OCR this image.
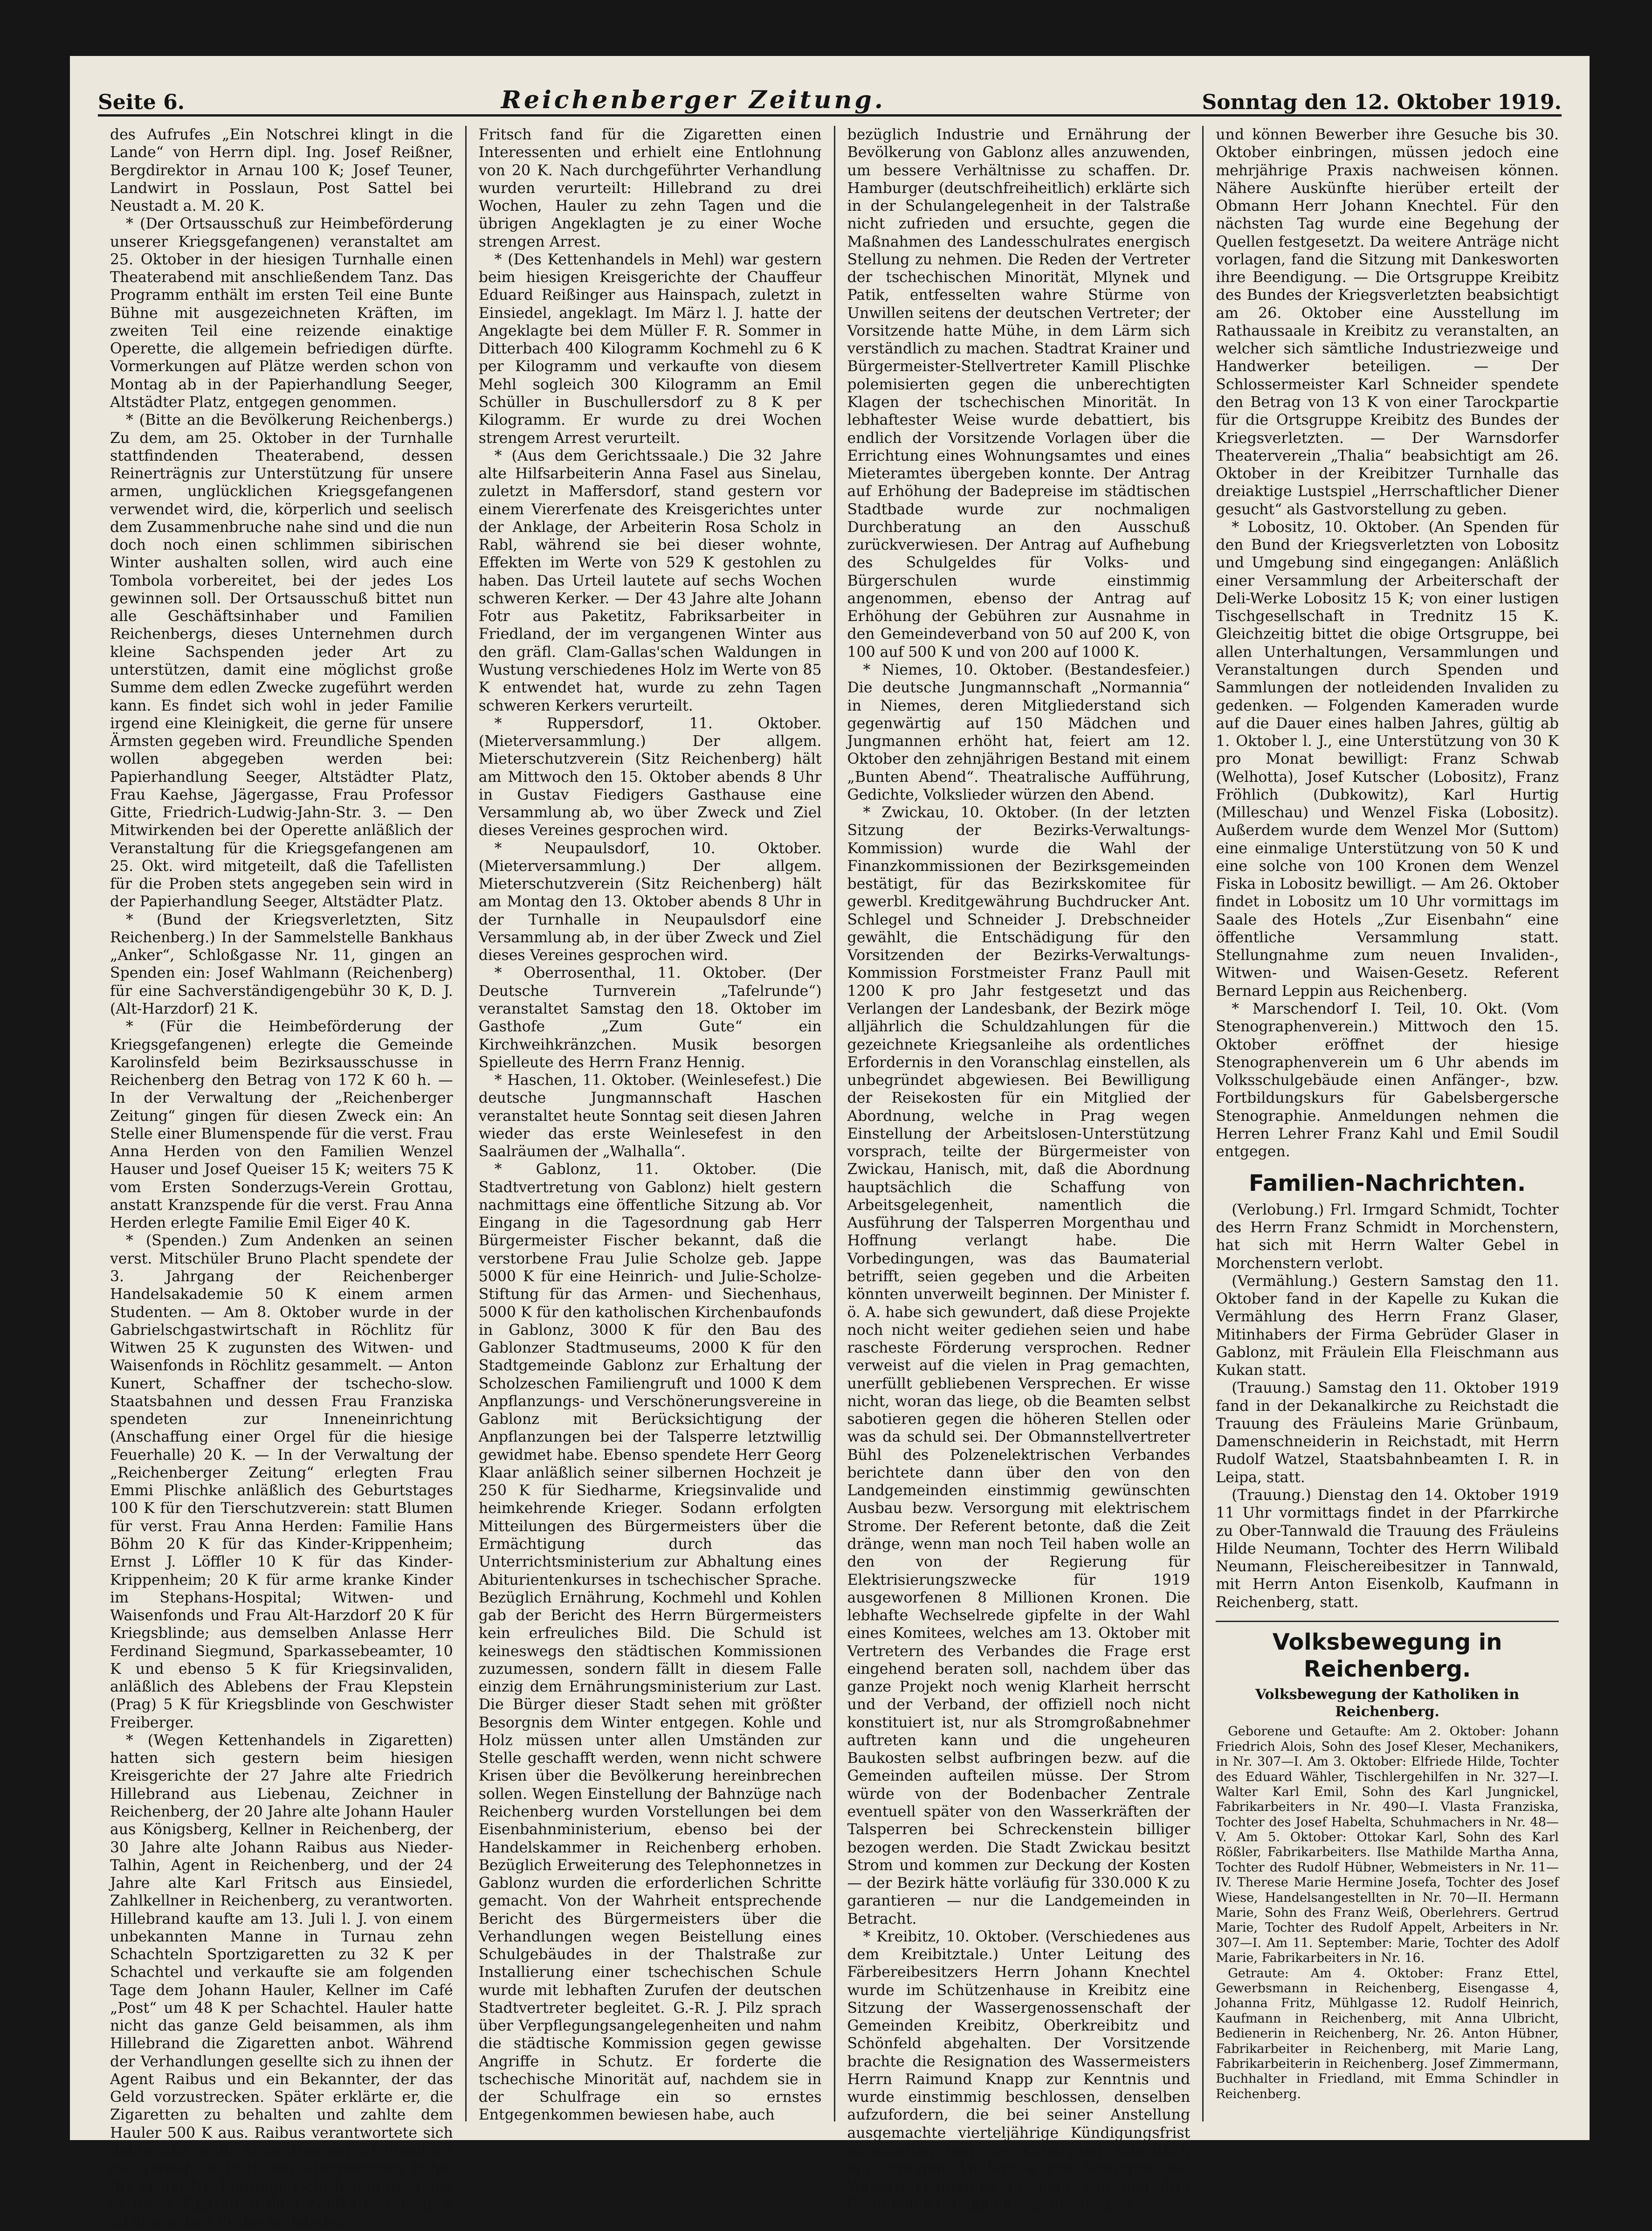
Seite 6.	Reichenberger Zeitung.	Sonntag den 12. Oktober 1919.

des Aufrufes „Ein Notschrei klingt in die Lande“ von Herrn dipl. Ing. Josef Reißner, Bergdirektor in Arnau 100 K; Josef Teuner, Landwirt in Posslaun, Post Sattel bei Neustadt a. M. 20 K.

* (Der Ortsausschuß zur Heimbeförderung unserer Kriegsgefangenen) veranstaltet am 25. Oktober in der hiesigen Turnhalle einen Theaterabend mit anschließendem Tanz. Das Programm enthält im ersten Teil eine Bunte Bühne mit ausgezeichneten Kräften, im zweiten Teil eine reizende einaktige Operette, die allgemein befriedigen dürfte. Vormerkungen auf Plätze werden schon von Montag ab in der Papierhandlung Seeger, Altstädter Platz, entgegen genommen.

* (Bitte an die Bevölkerung Reichenbergs.) Zu dem, am 25. Oktober in der Turnhalle stattfindenden Theaterabend, dessen Reinerträgnis zur Unterstützung für unsere armen, unglücklichen Kriegsgefangenen verwendet wird, die, körperlich und seelisch dem Zusammenbruche nahe sind und die nun doch noch einen schlimmen sibirischen Winter aushalten sollen, wird auch eine Tombola vorbereitet, bei der jedes Los gewinnen soll. Der Ortsausschuß bittet nun alle Geschäftsinhaber und Familien Reichenbergs, dieses Unternehmen durch kleine Sachspenden jeder Art zu unterstützen, damit eine möglichst große Summe dem edlen Zwecke zugeführt werden kann. Es findet sich wohl in jeder Familie irgend eine Kleinigkeit, die gerne für unsere Ärmsten gegeben wird. Freundliche Spenden wollen abgegeben werden bei: Papierhandlung Seeger, Altstädter Platz, Frau Kaehse, Jägergasse, Frau Professor Gitte, Friedrich-Ludwig-Jahn-Str. 3. — Den Mitwirkenden bei der Operette anläßlich der Veranstaltung für die Kriegsgefangenen am 25. Okt. wird mitgeteilt, daß die Tafellisten für die Proben stets angegeben sein wird in der Papierhandlung Seeger, Altstädter Platz.

* (Bund der Kriegsverletzten, Sitz Reichenberg.) In der Sammelstelle Bankhaus „Anker“, Schloßgasse Nr. 11, gingen an Spenden ein: Josef Wahlmann (Reichenberg) für eine Sachverständigengebühr 30 K, D. J. (Alt-Harzdorf) 21 K.

* (Für die Heimbeförderung der Kriegsgefangenen) erlegte die Gemeinde Karolinsfeld beim Bezirksausschusse in Reichenberg den Betrag von 172 K 60 h. — In der Verwaltung der „Reichenberger Zeitung“ gingen für diesen Zweck ein: An Stelle einer Blumenspende für die verst. Frau Anna Herden von den Familien Wenzel Hauser und Josef Queiser 15 K; weiters 75 K vom Ersten Sonderzugs-Verein Grottau, anstatt Kranzspende für die verst. Frau Anna Herden erlegte Familie Emil Eiger 40 K.

* (Spenden.) Zum Andenken an seinen verst. Mitschüler Bruno Placht spendete der 3. Jahrgang der Reichenberger Handelsakademie 50 K einem armen Studenten. — Am 8. Oktober wurde in der Gabrielschgastwirtschaft in Röchlitz für Witwen 25 K zugunsten des Witwen- und Waisenfonds in Röchlitz gesammelt. — Anton Kunert, Schaffner der tschecho-slow. Staatsbahnen und dessen Frau Franziska spendeten zur Inneneinrichtung (Anschaffung einer Orgel für die hiesige Feuerhalle) 20 K. — In der Verwaltung der „Reichenberger Zeitung“ erlegten Frau Emmi Plischke anläßlich des Geburtstages 100 K für den Tierschutzverein: statt Blumen für verst. Frau Anna Herden: Familie Hans Böhm 20 K für das Kinder-Krippenheim; Ernst J. Löffler 10 K für das Kinder-Krippenheim; 20 K für arme kranke Kinder im Stephans-Hospital; Witwen- und Waisenfonds und Frau Alt-Harzdorf 20 K für Kriegsblinde; aus demselben Anlasse Herr Ferdinand Siegmund, Sparkassebeamter, 10 K und ebenso 5 K für Kriegsinvaliden, anläßlich des Ablebens der Frau Klepstein (Prag) 5 K für Kriegsblinde von Geschwister Freiberger.

* (Wegen Kettenhandels in Zigaretten) hatten sich gestern beim hiesigen Kreisgerichte der 27 Jahre alte Friedrich Hillebrand aus Liebenau, Zeichner in Reichenberg, der 20 Jahre alte Johann Hauler aus Königsberg, Kellner in Reichenberg, der 30 Jahre alte Johann Raibus aus Nieder-Talhin, Agent in Reichenberg, und der 24 Jahre alte Karl Fritsch aus Einsiedel, Zahlkellner in Reichenberg, zu verantworten. Hillebrand kaufte am 13. Juli l. J. von einem unbekannten Manne in Turnau zehn Schachteln Sportzigaretten zu 32 K per Schachtel und verkaufte sie am folgenden Tage dem Johann Hauler, Kellner im Café „Post“ um 48 K per Schachtel. Hauler hatte nicht das ganze Geld beisammen, als ihm Hillebrand die Zigaretten anbot. Während der Verhandlungen gesellte sich zu ihnen der Agent Raibus und ein Bekannter, der das Geld vorzustrecken. Später erklärte er, die Zigaretten zu behalten und zahlte dem Hauler 500 K aus. Raibus verantwortete sich dahin, daß er die Zigaretten nur als Pfand für das gewährte Darlehen übernommen habe. Als er am Nachmittage Geld benötigte, habe er diese Zigaretten dem Zahlkellner Fritsch zu demselben Preise angeboten.

Fritsch fand für die Zigaretten einen Interessenten und erhielt eine Entlohnung von 20 K. Nach durchgeführter Verhandlung wurden verurteilt: Hillebrand zu drei Wochen, Hauler zu zehn Tagen und die übrigen Angeklagten je zu einer Woche strengen Arrest.

* (Des Kettenhandels in Mehl) war gestern beim hiesigen Kreisgerichte der Chauffeur Eduard Reißinger aus Hainspach, zuletzt in Einsiedel, angeklagt. Im März l. J. hatte der Angeklagte bei dem Müller F. R. Sommer in Ditterbach 400 Kilogramm Kochmehl zu 6 K per Kilogramm und verkaufte von diesem Mehl sogleich 300 Kilogramm an Emil Schüller in Buschullersdorf zu 8 K per Kilogramm. Er wurde zu drei Wochen strengem Arrest verurteilt.

* (Aus dem Gerichtssaale.) Die 32 Jahre alte Hilfsarbeiterin Anna Fasel aus Sinelau, zuletzt in Maffersdorf, stand gestern vor einem Viererfenate des Kreisgerichtes unter der Anklage, der Arbeiterin Rosa Scholz in Rabl, während sie bei dieser wohnte, Effekten im Werte von 529 K gestohlen zu haben. Das Urteil lautete auf sechs Wochen schweren Kerker. — Der 43 Jahre alte Johann Fotr aus Paketitz, Fabriksarbeiter in Friedland, der im vergangenen Winter aus den gräfl. Clam-Gallas'schen Waldungen in Wustung verschiedenes Holz im Werte von 85 K entwendet hat, wurde zu zehn Tagen schweren Kerkers verurteilt.

* Ruppersdorf, 11. Oktober. (Mieterversammlung.) Der allgem. Mieterschutzverein (Sitz Reichenberg) hält am Mittwoch den 15. Oktober abends 8 Uhr in Gustav Fiedigers Gasthause eine Versammlung ab, wo über Zweck und Ziel dieses Vereines gesprochen wird.

* Neupaulsdorf, 10. Oktober. (Mieterversammlung.) Der allgem. Mieterschutzverein (Sitz Reichenberg) hält am Montag den 13. Oktober abends 8 Uhr in der Turnhalle in Neupaulsdorf eine Versammlung ab, in der über Zweck und Ziel dieses Vereines gesprochen wird.

* Oberrosenthal, 11. Oktober. (Der Deutsche Turnverein „Tafelrunde“) veranstaltet Samstag den 18. Oktober im Gasthofe „Zum Gute“ ein Kirchweihkränzchen. Musik besorgen Spielleute des Herrn Franz Hennig.

* Haschen, 11. Oktober. (Weinlesefest.) Die deutsche Jungmannschaft Haschen veranstaltet heute Sonntag seit diesen Jahren wieder das erste Weinlesefest in den Saalräumen der „Walhalla“.

* Gablonz, 11. Oktober. (Die Stadtvertretung von Gablonz) hielt gestern nachmittags eine öffentliche Sitzung ab. Vor Eingang in die Tagesordnung gab Herr Bürgermeister Fischer bekannt, daß die verstorbene Frau Julie Scholze geb. Jappe 5000 K für eine Heinrich- und Julie-Scholze-Stiftung für das Armen- und Siechenhaus, 5000 K für den katholischen Kirchenbaufonds in Gablonz, 3000 K für den Bau des Gablonzer Stadtmuseums, 2000 K für den Stadtgemeinde Gablonz zur Erhaltung der Scholzeschen Familiengruft und 1000 K dem Anpflanzungs- und Verschönerungsvereine in Gablonz mit Berücksichtigung der Anpflanzungen bei der Talsperre letztwillig gewidmet habe. Ebenso spendete Herr Georg Klaar anläßlich seiner silbernen Hochzeit je 250 K für Siedharme, Kriegsinvalide und heimkehrende Krieger. Sodann erfolgten Mitteilungen des Bürgermeisters über die Ermächtigung durch das Unterrichtsministerium zur Abhaltung eines Abiturientenkurses in tschechischer Sprache. Bezüglich Ernährung, Kochmehl und Kohlen gab der Bericht des Herrn Bürgermeisters kein erfreuliches Bild. Die Schuld ist keineswegs den städtischen Kommissionen zuzumessen, sondern fällt in diesem Falle einzig dem Ernährungsministerium zur Last. Die Bürger dieser Stadt sehen mit größter Besorgnis dem Winter entgegen. Kohle und Holz müssen unter allen Umständen zur Stelle geschafft werden, wenn nicht schwere Krisen über die Bevölkerung hereinbrechen sollen. Wegen Einstellung der Bahnzüge nach Reichenberg wurden Vorstellungen bei dem Eisenbahnministerium, ebenso bei der Handelskammer in Reichenberg erhoben. Bezüglich Erweiterung des Telephonnetzes in Gablonz wurden die erforderlichen Schritte gemacht. Von der Wahrheit entsprechende Bericht des Bürgermeisters über die Verhandlungen wegen Beistellung eines Schulgebäudes in der Thalstraße zur Installierung einer tschechischen Schule wurde mit lebhaften Zurufen der deutschen Stadtvertreter begleitet. G.-R. J. Pilz sprach über Verpflegungsangelegenheiten und nahm die städtische Kommission gegen gewisse Angriffe in Schutz. Er forderte die tschechische Minorität auf, nachdem sie in der Schulfrage ein so ernstes Entgegenkommen bewiesen habe, auch

bezüglich Industrie und Ernährung der Bevölkerung von Gablonz alles anzuwenden, um bessere Verhältnisse zu schaffen. Dr. Hamburger (deutschfreiheitlich) erklärte sich in der Schulangelegenheit in der Talstraße nicht zufrieden und ersuchte, gegen die Maßnahmen des Landesschulrates energisch Stellung zu nehmen. Die Reden der Vertreter der tschechischen Minorität, Mlynek und Patik, entfesselten wahre Stürme von Unwillen seitens der deutschen Vertreter; der Vorsitzende hatte Mühe, in dem Lärm sich verständlich zu machen. Stadtrat Krainer und Bürgermeister-Stellvertreter Kamill Plischke polemisierten gegen die unberechtigten Klagen der tschechischen Minorität. In lebhaftester Weise wurde debattiert, bis endlich der Vorsitzende Vorlagen über die Errichtung eines Wohnungsamtes und eines Mieteramtes übergeben konnte. Der Antrag auf Erhöhung der Badepreise im städtischen Stadtbade wurde zur nochmaligen Durchberatung an den Ausschuß zurückverwiesen. Der Antrag auf Aufhebung des Schulgeldes für Volks- und Bürgerschulen wurde einstimmig angenommen, ebenso der Antrag auf Erhöhung der Gebühren zur Ausnahme in den Gemeindeverband von 50 auf 200 K, von 100 auf 500 K und von 200 auf 1000 K.

* Niemes, 10. Oktober. (Bestandesfeier.) Die deutsche Jungmannschaft „Normannia“ in Niemes, deren Mitgliederstand sich gegenwärtig auf 150 Mädchen und Jungmannen erhöht hat, feiert am 12. Oktober den zehnjährigen Bestand mit einem „Bunten Abend“. Theatralische Aufführung, Gedichte, Volkslieder würzen den Abend.

* Zwickau, 10. Oktober. (In der letzten Sitzung der Bezirks-Verwaltungs-Kommission) wurde die Wahl der Finanzkommissionen der Bezirksgemeinden bestätigt, für das Bezirkskomitee für gewerbl. Kreditgewährung Buchdrucker Ant. Schlegel und Schneider J. Drebschneider gewählt, die Entschädigung für den Vorsitzenden der Bezirks-Verwaltungs-Kommission Forstmeister Franz Paull mit 1200 K pro Jahr festgesetzt und das Verlangen der Landesbank, der Bezirk möge alljährlich die Schuldzahlungen für die gezeichnete Kriegsanleihe als ordentliches Erfordernis in den Voranschlag einstellen, als unbegründet abgewiesen. Bei Bewilligung der Reisekosten für ein Mitglied der Abordnung, welche in Prag wegen Einstellung der Arbeitslosen-Unterstützung vorsprach, teilte der Bürgermeister von Zwickau, Hanisch, mit, daß die Abordnung hauptsächlich die Schaffung von Arbeitsgelegenheit, namentlich die Ausführung der Talsperren Morgenthau und Hoffnung verlangt habe. Die Vorbedingungen, was das Baumaterial betrifft, seien gegeben und die Arbeiten könnten unverweilt beginnen. Der Minister f. ö. A. habe sich gewundert, daß diese Projekte noch nicht weiter gediehen seien und habe rascheste Förderung versprochen. Redner verweist auf die vielen in Prag gemachten, unerfüllt gebliebenen Versprechen. Er wisse nicht, woran das liege, ob die Beamten selbst sabotieren gegen die höheren Stellen oder was da schuld sei. Der Obmannstellvertreter Bühl des Polzenelektrischen Verbandes berichtete dann über den von den Landgemeinden einstimmig gewünschten Ausbau bezw. Versorgung mit elektrischem Strome. Der Referent betonte, daß die Zeit dränge, wenn man noch Teil haben wolle an den von der Regierung für Elektrisierungszwecke für 1919 ausgeworfenen 8 Millionen Kronen. Die lebhafte Wechselrede gipfelte in der Wahl eines Komitees, welches am 13. Oktober mit Vertretern des Verbandes die Frage erst eingehend beraten soll, nachdem über das ganze Projekt noch wenig Klarheit herrscht und der Verband, der offiziell noch nicht konstituiert ist, nur als Stromgroßabnehmer auftreten kann und die ungeheuren Baukosten selbst aufbringen bezw. auf die Gemeinden aufteilen müsse. Der Strom würde von der Bodenbacher Zentrale eventuell später von den Wasserkräften der Talsperren bei Schreckenstein billiger bezogen werden. Die Stadt Zwickau besitzt Strom und kommen zur Deckung der Kosten — der Bezirk hätte vorläufig für 330.000 K zu garantieren — nur die Landgemeinden in Betracht.

* Kreibitz, 10. Oktober. (Verschiedenes aus dem Kreibitztale.) Unter Leitung des Färbereibesitzers Herrn Johann Knechtel wurde im Schützenhause in Kreibitz eine Sitzung der Wassergenossenschaft der Gemeinden Kreibitz, Oberkreibitz und Schönfeld abgehalten. Der Vorsitzende brachte die Resignation des Wassermeisters Herrn Raimund Knapp zur Kenntnis und wurde einstimmig beschlossen, denselben aufzufordern, die bei seiner Anstellung ausgemachte vierteljährige Kündigungsfrist einzuhalten und die Kündigung schriftlich einzubringen. Weiters wurde bestimmt, die Wassermeisterstelle in jeder von den drei Gemeinden ortsüblich auszuschreiben

und können Bewerber ihre Gesuche bis 30. Oktober einbringen, müssen jedoch eine mehrjährige Praxis nachweisen können. Nähere Auskünfte hierüber erteilt der Obmann Herr Johann Knechtel. Für den nächsten Tag wurde eine Begehung der Quellen festgesetzt. Da weitere Anträge nicht vorlagen, fand die Sitzung mit Dankesworten ihre Beendigung. — Die Ortsgruppe Kreibitz des Bundes der Kriegsverletzten beabsichtigt am 26. Oktober eine Ausstellung im Rathaussaale in Kreibitz zu veranstalten, an welcher sich sämtliche Industriezweige und Handwerker beteiligen. — Der Schlossermeister Karl Schneider spendete den Betrag von 13 K von einer Tarockpartie für die Ortsgruppe Kreibitz des Bundes der Kriegsverletzten. — Der Warnsdorfer Theaterverein „Thalia“ beabsichtigt am 26. Oktober in der Kreibitzer Turnhalle das dreiaktige Lustspiel „Herrschaftlicher Diener gesucht“ als Gastvorstellung zu geben.

* Lobositz, 10. Oktober. (An Spenden für den Bund der Kriegsverletzten von Lobositz und Umgebung sind eingegangen: Anläßlich einer Versammlung der Arbeiterschaft der Deli-Werke Lobositz 15 K; von einer lustigen Tischgesellschaft in Trednitz 15 K. Gleichzeitig bittet die obige Ortsgruppe, bei allen Unterhaltungen, Versammlungen und Veranstaltungen durch Spenden und Sammlungen der notleidenden Invaliden zu gedenken. — Folgenden Kameraden wurde auf die Dauer eines halben Jahres, gültig ab 1. Oktober l. J., eine Unterstützung von 30 K pro Monat bewilligt: Franz Schwab (Welhotta), Josef Kutscher (Lobositz), Franz Fröhlich (Dubkowitz), Karl Hurtig (Milleschau) und Wenzel Fiska (Lobositz). Außerdem wurde dem Wenzel Mor (Suttom) eine einmalige Unterstützung von 50 K und eine solche von 100 Kronen dem Wenzel Fiska in Lobositz bewilligt. — Am 26. Oktober findet in Lobositz um 10 Uhr vormittags im Saale des Hotels „Zur Eisenbahn“ eine öffentliche Versammlung statt. Stellungnahme zum neuen Invaliden-, Witwen- und Waisen-Gesetz. Referent Bernard Leppin aus Reichenberg.

* Marschendorf I. Teil, 10. Okt. (Vom Stenographenverein.) Mittwoch den 15. Oktober eröffnet der hiesige Stenographenverein um 6 Uhr abends im Volksschulgebäude einen Anfänger-, bzw. Fortbildungskurs für Gabelsbergersche Stenographie. Anmeldungen nehmen die Herren Lehrer Franz Kahl und Emil Soudil entgegen.

Familien-Nachrichten.

(Verlobung.) Frl. Irmgard Schmidt, Tochter des Herrn Franz Schmidt in Morchenstern, hat sich mit Herrn Walter Gebel in Morchenstern verlobt.

(Vermählung.) Gestern Samstag den 11. Oktober fand in der Kapelle zu Kukan die Vermählung des Herrn Franz Glaser, Mitinhabers der Firma Gebrüder Glaser in Gablonz, mit Fräulein Ella Fleischmann aus Kukan statt.

(Trauung.) Samstag den 11. Oktober 1919 fand in der Dekanalkirche zu Reichstadt die Trauung des Fräuleins Marie Grünbaum, Damenschneiderin in Reichstadt, mit Herrn Rudolf Watzel, Staatsbahnbeamten I. R. in Leipa, statt.

(Trauung.) Dienstag den 14. Oktober 1919 11 Uhr vormittags findet in der Pfarrkirche zu Ober-Tannwald die Trauung des Fräuleins Hilde Neumann, Tochter des Herrn Wilibald Neumann, Fleischereibesitzer in Tannwald, mit Herrn Anton Eisenkolb, Kaufmann in Reichenberg, statt.

Volksbewegung in Reichenberg.
Volksbewegung der Katholiken in Reichenberg.

Geborene und Getaufte: Am 2. Oktober: Johann Friedrich Alois, Sohn des Josef Kleser, Mechanikers, in Nr. 307—I. Am 3. Oktober: Elfriede Hilde, Tochter des Eduard Wähler, Tischlergehilfen in Nr. 327—I. Walter Karl Emil, Sohn des Karl Jungnickel, Fabrikarbeiters in Nr. 490—I. Vlasta Franziska, Tochter des Josef Habelta, Schuhmachers in Nr. 48—V. Am 5. Oktober: Ottokar Karl, Sohn des Karl Rößler, Fabrikarbeiters. Ilse Mathilde Martha Anna, Tochter des Rudolf Hübner, Webmeisters in Nr. 11—IV. Therese Marie Hermine Josefa, Tochter des Josef Wiese, Handelsangestellten in Nr. 70—II. Hermann Marie, Sohn des Franz Weiß, Oberlehrers. Gertrud Marie, Tochter des Rudolf Appelt, Arbeiters in Nr. 307—I. Am 11. September: Marie, Tochter des Adolf Marie, Fabrikarbeiters in Nr. 16.

Getraute: Am 4. Oktober: Franz Ettel, Gewerbsmann in Reichenberg, Eisengasse 4, Johanna Fritz, Mühlgasse 12. Rudolf Heinrich, Kaufmann in Reichenberg, mit Anna Ulbricht, Bedienerin in Reichenberg, Nr. 26. Anton Hübner, Fabrikarbeiter in Reichenberg, mit Marie Lang, Fabrikarbeiterin in Reichenberg. Josef Zimmermann, Buchhalter in Friedland, mit Emma Schindler in Reichenberg.
